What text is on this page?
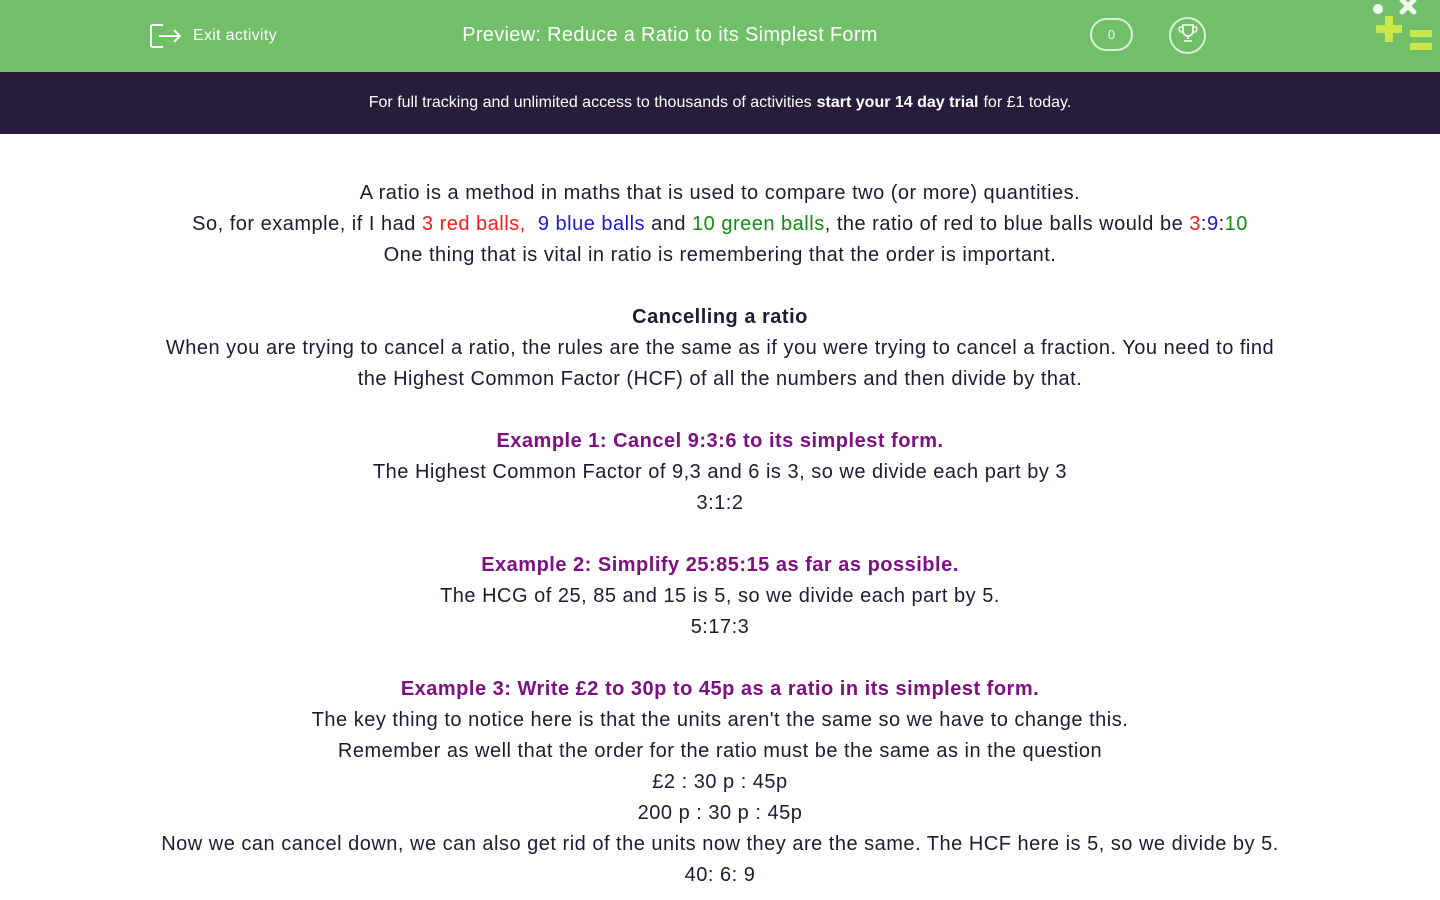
Exit activity	Preview: Reduce a Ratio to its Simplest Form	0
For full tracking and unlimited access to thousands of activities start your 14 day trial for £1 today.

A ratio is a method in maths that is used to compare two (or more) quantities.

So, for example, if I had 3 red balls, 9 blue balls and 10 green balls, the ratio of red to blue balls would be 3:9:10

One thing that is vital in ratio is remembering that the order is important.

Cancelling a ratio

When you are trying to cancel a ratio, the rules are the same as if you were trying to cancel a fraction. You need to find the Highest Common Factor (HCF) of all the numbers and then divide by that.

Example 1: Cancel 9:3:6 to its simplest form.

The Highest Common Factor of 9,3 and 6 is 3, so we divide each part by 3

3:1:2

Example 2: Simplify 25:85:15 as far as possible.

The HCG of 25, 85 and 15 is 5, so we divide each part by 5.

5:17:3

Example 3: Write £2 to 30p to 45p as a ratio in its simplest form.

The key thing to notice here is that the units aren't the same so we have to change this.

Remember as well that the order for the ratio must be the same as in the question

£2 : 30 p : 45p

200 p : 30 p : 45p

Now we can cancel down, we can also get rid of the units now they are the same. The HCF here is 5, so we divide by 5.

40: 6: 9
